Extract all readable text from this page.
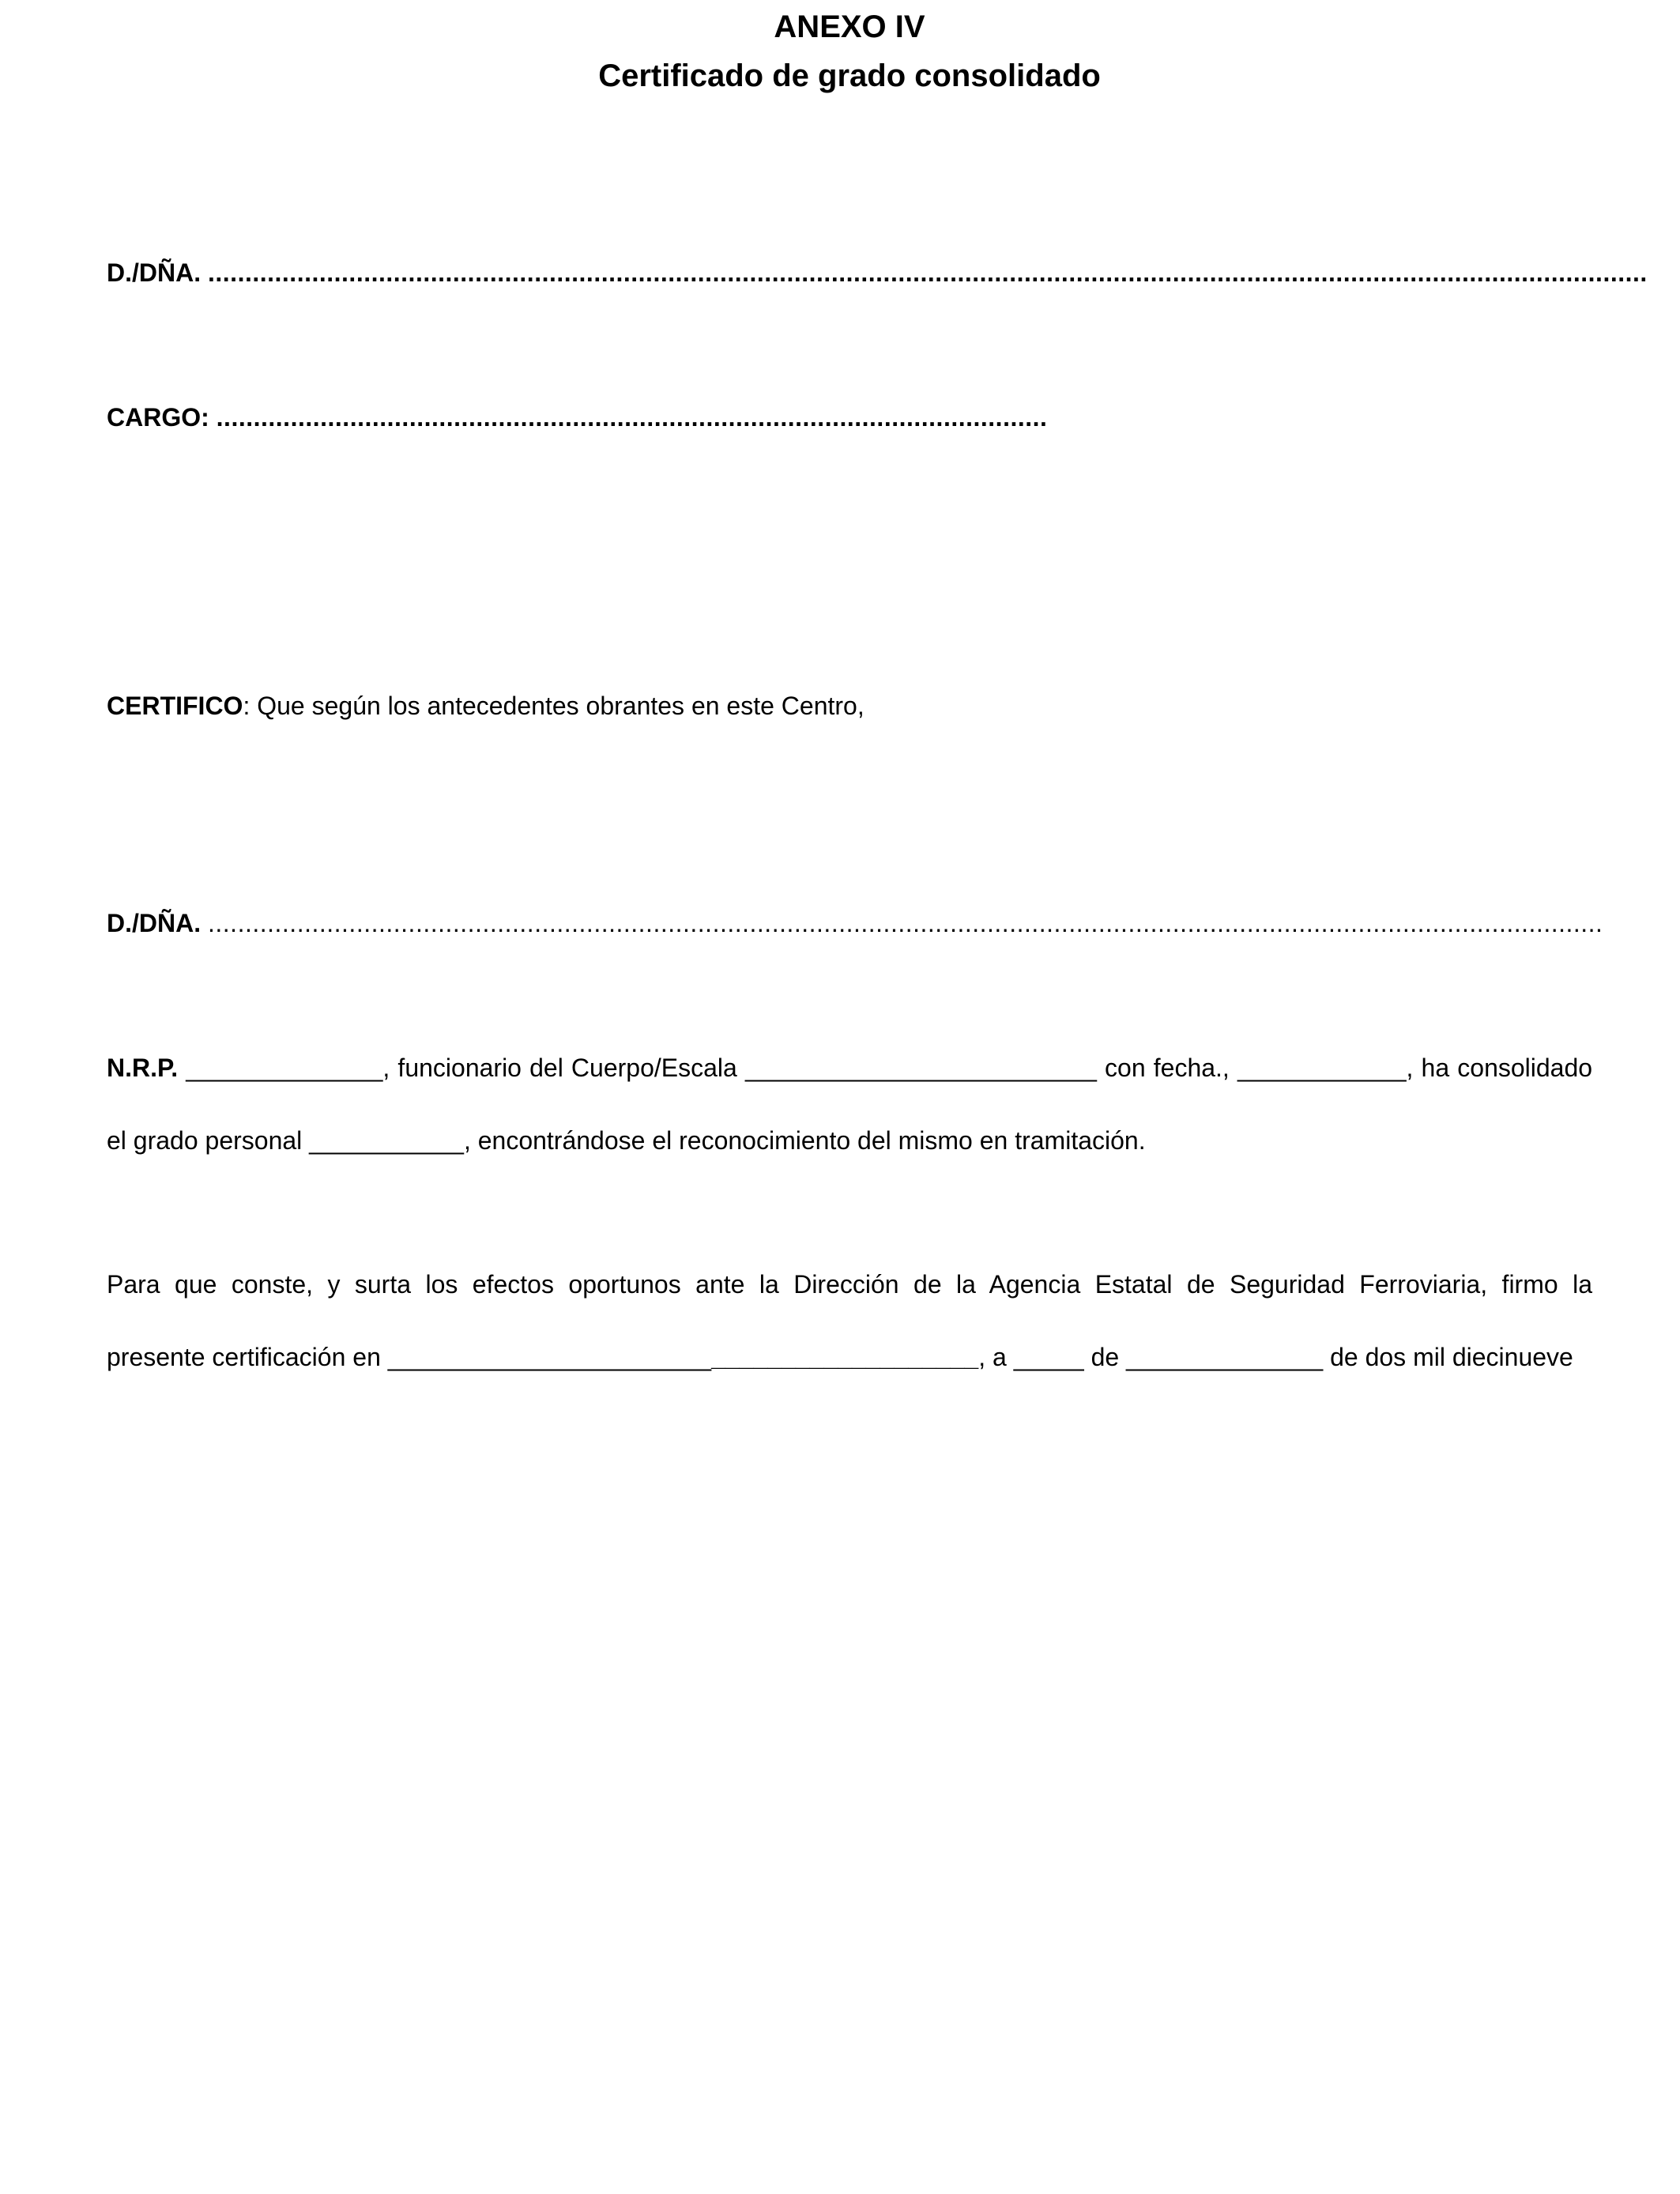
ANEXO IV
Certificado de grado consolidado
D./DÑA. ..................................................................................................................................................................................................
CARGO: ................................................................................................................
CERTIFICO: Que según los antecedentes obrantes en este Centro,
D./DÑA. ............................................................................................................................................................................................
N.R.P. ______________, funcionario del Cuerpo/Escala _________________________ con fecha., ____________, ha consolidado
el grado personal ___________, encontrándose el reconocimiento del mismo en tramitación.
Para que conste, y surta los efectos oportunos ante la Dirección de la Agencia Estatal de Seguridad Ferroviaria, firmo la
presente certificación en __________________________________________, a _____ de ______________ de dos mil diecinueve
